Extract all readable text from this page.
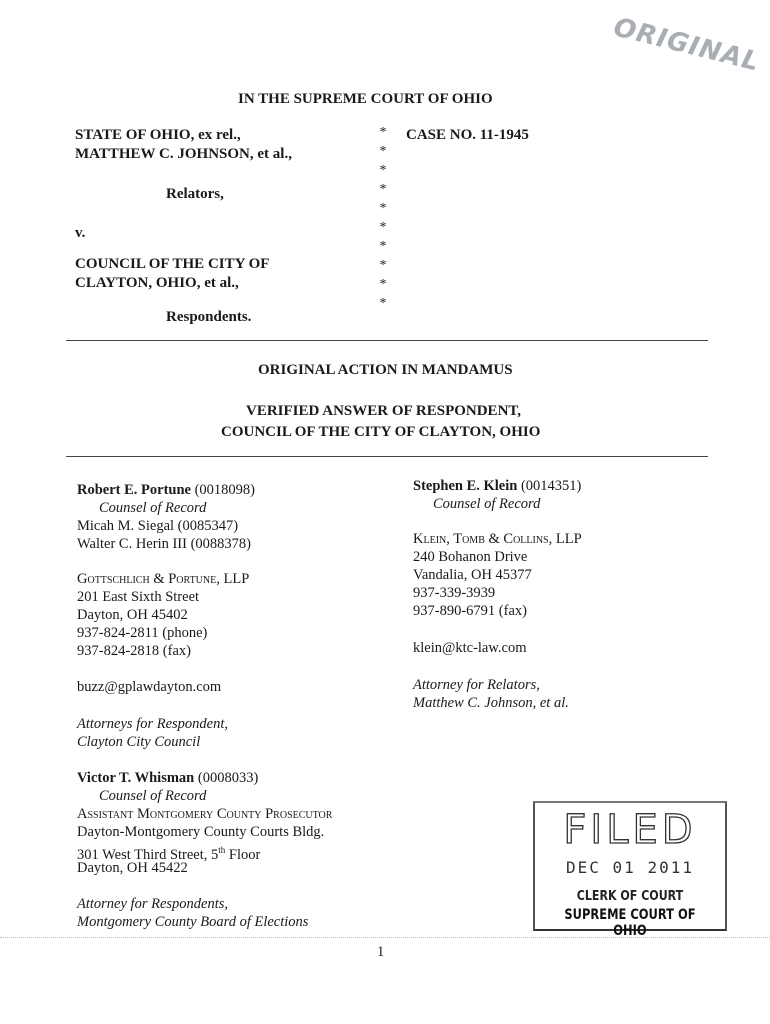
ORIGINAL
IN THE SUPREME COURT OF OHIO
STATE OF OHIO, ex rel.,
MATTHEW C. JOHNSON, et al.,
Relators,
v.
COUNCIL OF THE CITY OF
CLAYTON, OHIO, et al.,
Respondents.
*
*
*
*
*
*
*
*
*
*
CASE NO. 11-1945
ORIGINAL ACTION IN MANDAMUS
VERIFIED ANSWER OF RESPONDENT,
COUNCIL OF THE CITY OF CLAYTON, OHIO
Robert E. Portune (0018098)
Counsel of Record
Micah M. Siegal (0085347)
Walter C. Herin III (0088378)
Gottschlich & Portune, LLP
201 East Sixth Street
Dayton, OH 45402
937-824-2811 (phone)
937-824-2818 (fax)
buzz@gplawdayton.com
Attorneys for Respondent,
Clayton City Council
Stephen E. Klein (0014351)
Counsel of Record
Klein, Tomb & Collins, LLP
240 Bohanon Drive
Vandalia, OH 45377
937-339-3939
937-890-6791 (fax)
klein@ktc-law.com
Attorney for Relators,
Matthew C. Johnson, et al.
Victor T. Whisman (0008033)
Counsel of Record
Assistant Montgomery County Prosecutor
Dayton-Montgomery County Courts Bldg.
301 West Third Street, 5th Floor
Dayton, OH 45422
Attorney for Respondents,
Montgomery County Board of Elections
FILED
DEC 01 2011
CLERK OF COURT
SUPREME COURT OF OHIO
1
